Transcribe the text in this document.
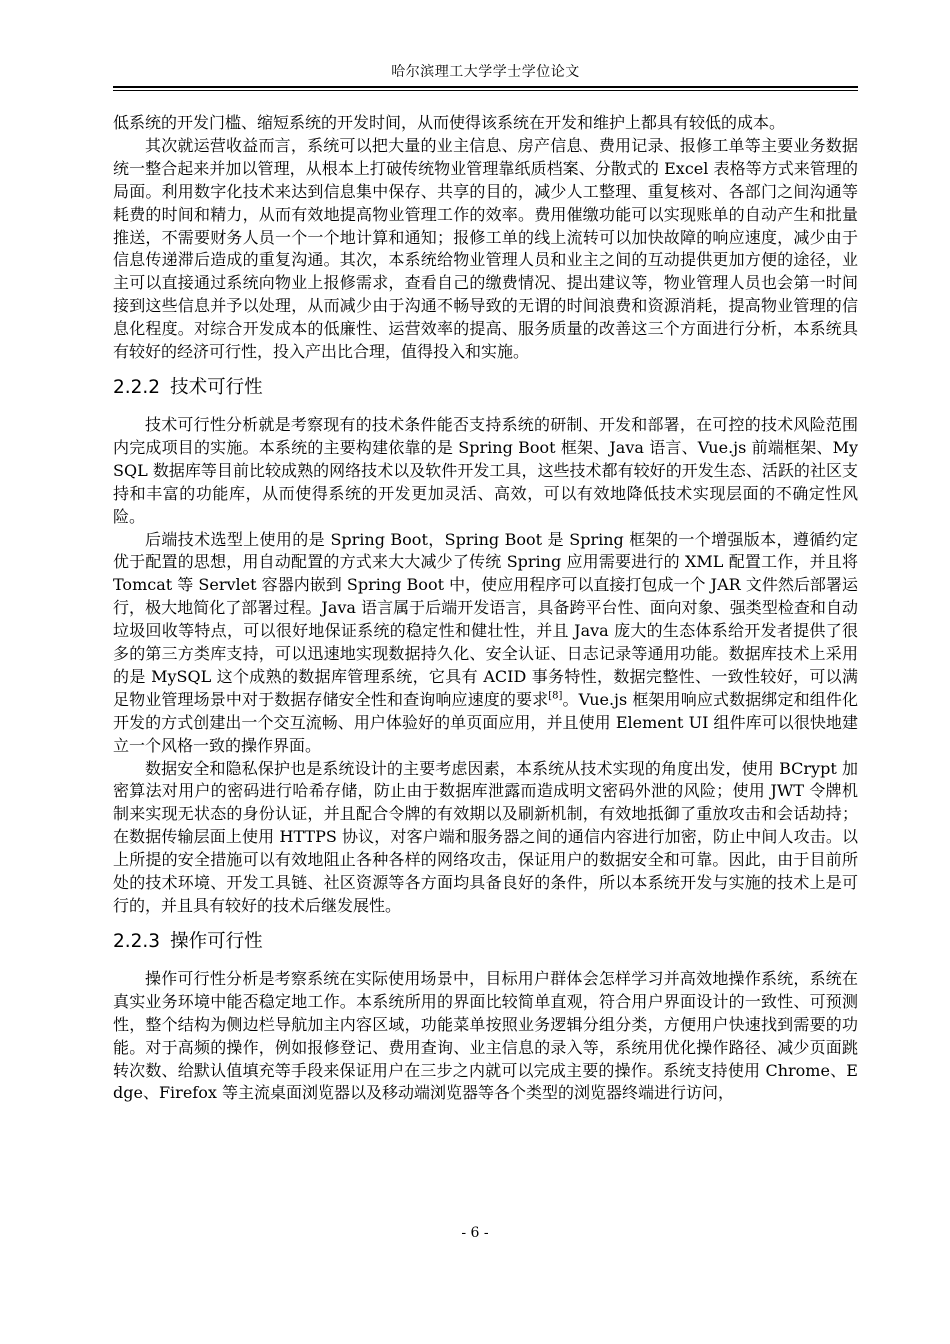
哈尔滨理工大学学士学位论文

低系统的开发门槛、缩短系统的开发时间，从而使得该系统在开发和维护上都具有较低的成本。

其次就运营收益而言，系统可以把大量的业主信息、房产信息、费用记录、报修工单等主要业务数据统一整合起来并加以管理，从根本上打破传统物业管理靠纸质档案、分散式的 Excel 表格等方式来管理的局面。利用数字化技术来达到信息集中保存、共享的目的，减少人工整理、重复核对、各部门之间沟通等耗费的时间和精力，从而有效地提高物业管理工作的效率。费用催缴功能可以实现账单的自动产生和批量推送，不需要财务人员一个一个地计算和通知；报修工单的线上流转可以加快故障的响应速度，减少由于信息传递滞后造成的重复沟通。其次，本系统给物业管理人员和业主之间的互动提供更加方便的途径，业主可以直接通过系统向物业上报修需求，查看自己的缴费情况、提出建议等，物业管理人员也会第一时间接到这些信息并予以处理，从而减少由于沟通不畅导致的无谓的时间浪费和资源消耗，提高物业管理的信息化程度。对综合开发成本的低廉性、运营效率的提高、服务质量的改善这三个方面进行分析，本系统具有较好的经济可行性，投入产出比合理，值得投入和实施。

2.2.2 技术可行性

技术可行性分析就是考察现有的技术条件能否支持系统的研制、开发和部署，在可控的技术风险范围内完成项目的实施。本系统的主要构建依靠的是 Spring Boot 框架、Java 语言、Vue.js 前端框架、MySQL 数据库等目前比较成熟的网络技术以及软件开发工具，这些技术都有较好的开发生态、活跃的社区支持和丰富的功能库，从而使得系统的开发更加灵活、高效，可以有效地降低技术实现层面的不确定性风险。

后端技术选型上使用的是 Spring Boot，Spring Boot 是 Spring 框架的一个增强版本，遵循约定优于配置的思想，用自动配置的方式来大大减少了传统 Spring 应用需要进行的 XML 配置工作，并且将 Tomcat 等 Servlet 容器内嵌到 Spring Boot 中，使应用程序可以直接打包成一个 JAR 文件然后部署运行，极大地简化了部署过程。Java 语言属于后端开发语言，具备跨平台性、面向对象、强类型检查和自动垃圾回收等特点，可以很好地保证系统的稳定性和健壮性，并且 Java 庞大的生态体系给开发者提供了很多的第三方类库支持，可以迅速地实现数据持久化、安全认证、日志记录等通用功能。数据库技术上采用的是 MySQL 这个成熟的数据库管理系统，它具有 ACID 事务特性，数据完整性、一致性较好，可以满足物业管理场景中对于数据存储安全性和查询响应速度的要求[8]。Vue.js 框架用响应式数据绑定和组件化开发的方式创建出一个交互流畅、用户体验好的单页面应用，并且使用 Element UI 组件库可以很快地建立一个风格一致的操作界面。

数据安全和隐私保护也是系统设计的主要考虑因素，本系统从技术实现的角度出发，使用 BCrypt 加密算法对用户的密码进行哈希存储，防止由于数据库泄露而造成明文密码外泄的风险；使用 JWT 令牌机制来实现无状态的身份认证，并且配合令牌的有效期以及刷新机制，有效地抵御了重放攻击和会话劫持；在数据传输层面上使用 HTTPS 协议，对客户端和服务器之间的通信内容进行加密，防止中间人攻击。以上所提的安全措施可以有效地阻止各种各样的网络攻击，保证用户的数据安全和可靠。因此，由于目前所处的技术环境、开发工具链、社区资源等各方面均具备良好的条件，所以本系统开发与实施的技术上是可行的，并且具有较好的技术后继发展性。

2.2.3 操作可行性

操作可行性分析是考察系统在实际使用场景中，目标用户群体会怎样学习并高效地操作系统，系统在真实业务环境中能否稳定地工作。本系统所用的界面比较简单直观，符合用户界面设计的一致性、可预测性，整个结构为侧边栏导航加主内容区域，功能菜单按照业务逻辑分组分类，方便用户快速找到需要的功能。对于高频的操作，例如报修登记、费用查询、业主信息的录入等，系统用优化操作路径、减少页面跳转次数、给默认值填充等手段来保证用户在三步之内就可以完成主要的操作。系统支持使用 Chrome、Edge、Firefox 等主流桌面浏览器以及移动端浏览器等各个类型的浏览器终端进行访问，

- 6 -
